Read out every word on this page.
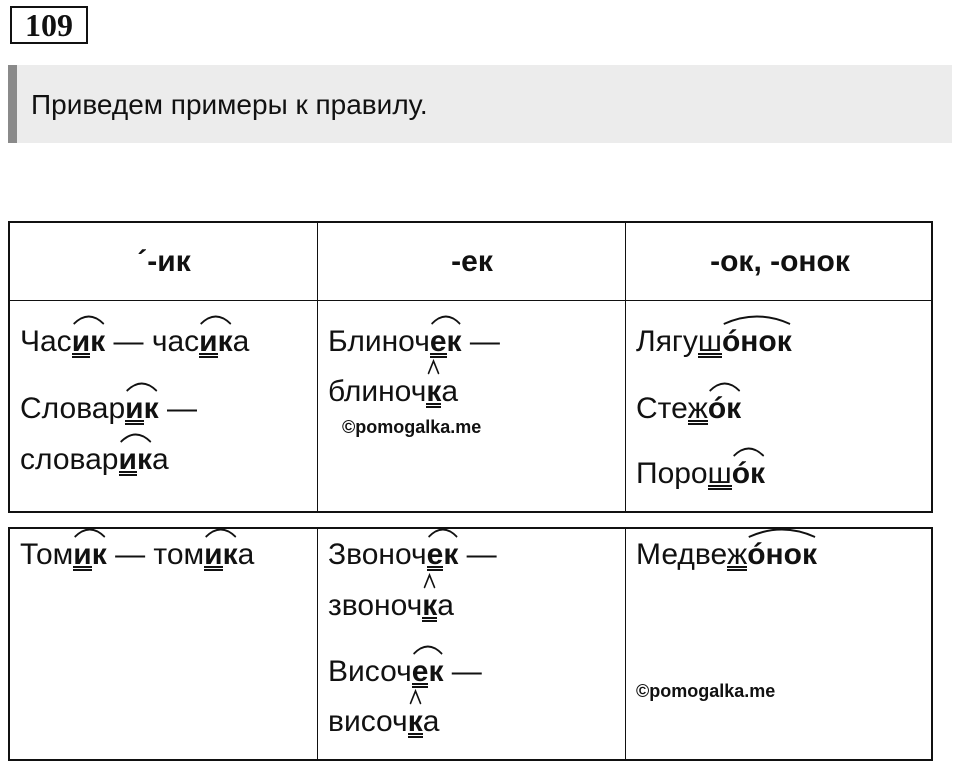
109
Приведем примеры к правилу.
´-ик	-ек	-ок, -онок
Час
ик — час
ика
Словар
ик —
словар
ика
Блиноч
ек —
блиноч
ка
©pomogalka.me
Лягуш
óнок
Стеж
óк
Порош
óк
Том
ик — том
ика Звоноч
ек —
звоноч
ка
Височ
ек —
височ
ка
Медвеж
óнок
©pomogalka.me
